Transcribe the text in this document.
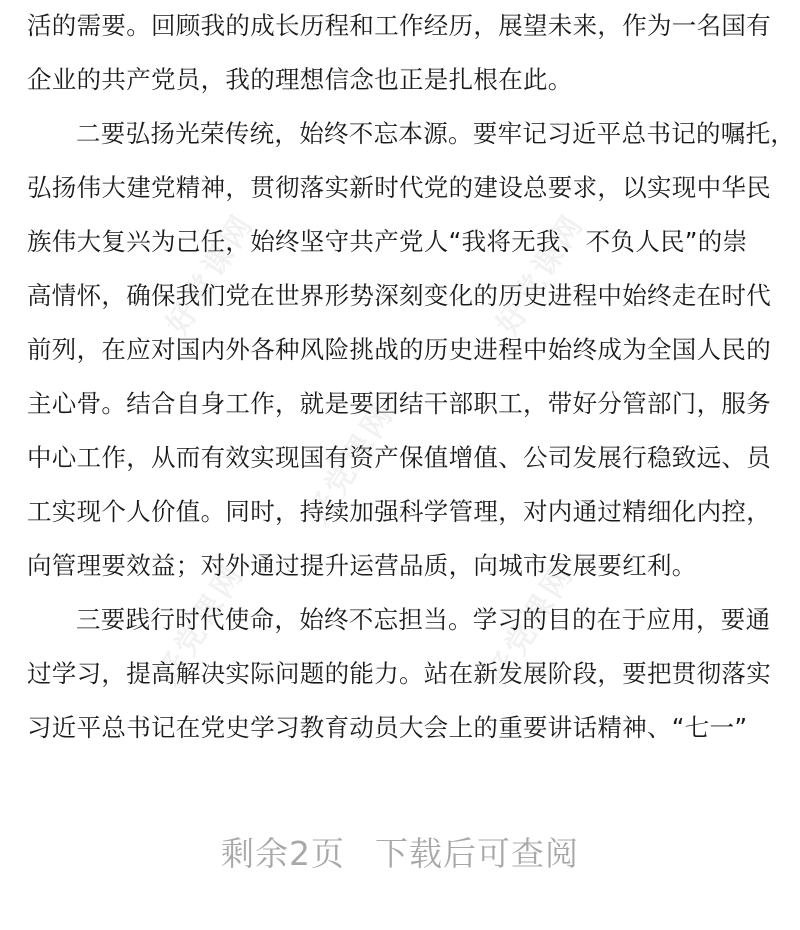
好党课网	好党课网
好党课网
好党课网	好党课网
活的需要。回顾我的成长历程和工作经历，展望未来，作为一名国有
企业的共产党员，我的理想信念也正是扎根在此。
二要弘扬光荣传统，始终不忘本源。要牢记习近平总书记的嘱托，
弘扬伟大建党精神，贯彻落实新时代党的建设总要求，以实现中华民
族伟大复兴为己任，始终坚守共产党人“我将无我、不负人民”的崇
高情怀，确保我们党在世界形势深刻变化的历史进程中始终走在时代
前列，在应对国内外各种风险挑战的历史进程中始终成为全国人民的
主心骨。结合自身工作，就是要团结干部职工，带好分管部门，服务
中心工作，从而有效实现国有资产保值增值、公司发展行稳致远、员
工实现个人价值。同时，持续加强科学管理，对内通过精细化内控，
向管理要效益；对外通过提升运营品质，向城市发展要红利。
三要践行时代使命，始终不忘担当。学习的目的在于应用，要通
过学习，提高解决实际问题的能力。站在新发展阶段，要把贯彻落实
习近平总书记在党史学习教育动员大会上的重要讲话精神、“七一”
剩余2页 下载后可查阅
